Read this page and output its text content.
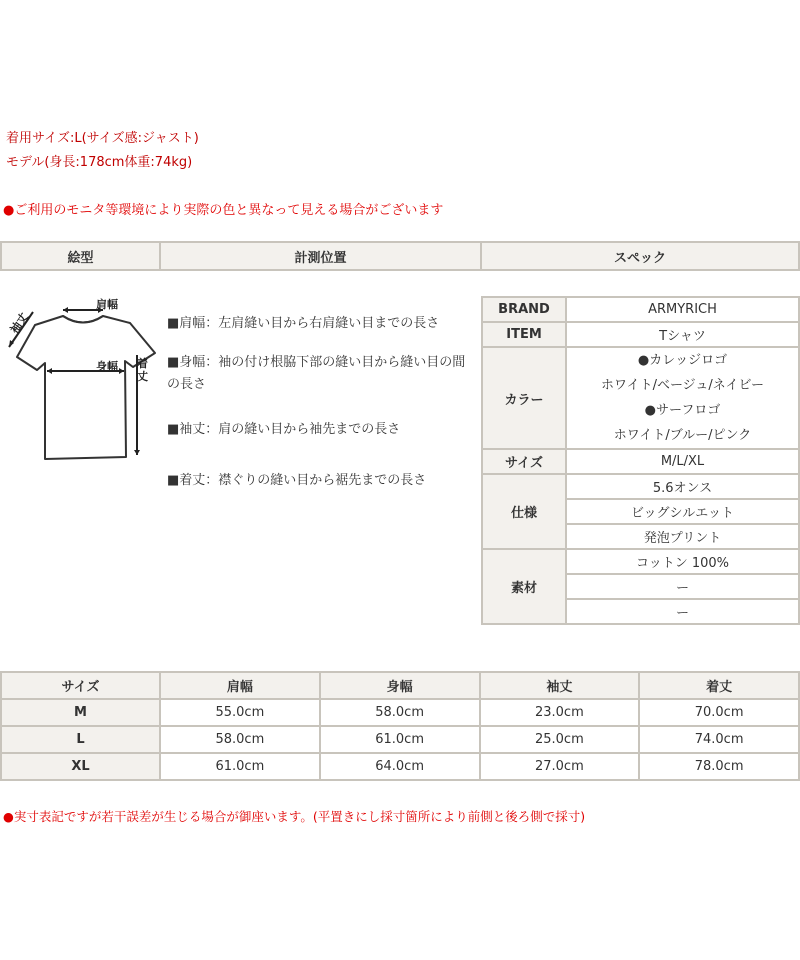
着用サイズ:L(サイズ感:ジャスト)
モデル(身長:178cm体重:74kg)
●ご利用のモニタ等環境により実際の色と異なって見える場合がございます
絵型	計測位置	スペック
肩幅
袖丈
身幅 着
丈
■肩幅：左肩縫い目から右肩縫い目までの長さ
■身幅：袖の付け根脇下部の縫い目から縫い目の間の長さ
■袖丈：肩の縫い目から袖先までの長さ
■着丈：襟ぐりの縫い目から裾先までの長さ
BRAND	ARMYRICH
ITEM	Tシャツ
カラー	●カレッジロゴ
ホワイト/ベージュ/ネイビー
●サーフロゴ
ホワイト/ブルー/ピンク

サイズ	M/L/XL
仕様	5.6オンス
	ビッグシルエット
	発泡プリント
素材	コットン 100%
	ー
	ー
サイズ	肩幅	身幅	袖丈	着丈
M	55.0cm	58.0cm	23.0cm	70.0cm
L	58.0cm	61.0cm	25.0cm	74.0cm
XL	61.0cm	64.0cm	27.0cm	78.0cm
●実寸表記ですが若干誤差が生じる場合が御座います。(平置きにし採寸箇所により前側と後ろ側で採寸)
